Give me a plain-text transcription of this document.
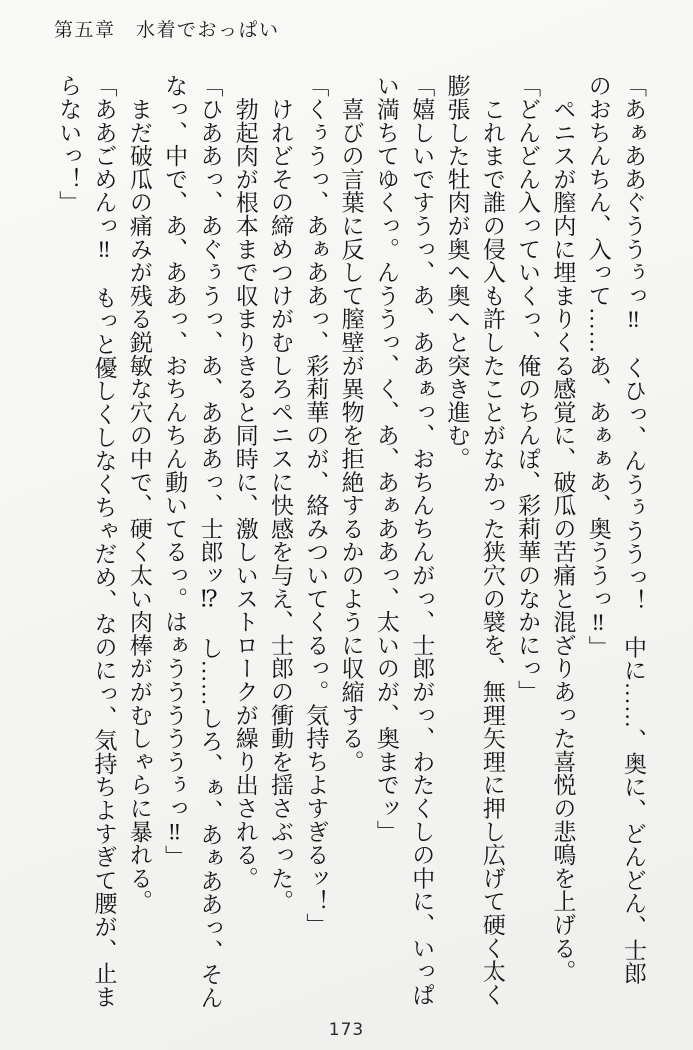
第五章　水着でおっぱい
「あぁああぐううぅっ‼　くひっ、んうぅううっ！　中に……、奥に、どんどん、士郎
のおちんちん、入って……あ、あぁぁあ、奥ううっ‼」
　ペニスが膣内に埋まりくる感覚に、破瓜の苦痛と混ざりあった喜悦の悲鳴を上げる。
「どんどん入っていくっ、俺のちんぽ、彩莉華のなかにっ」
　これまで誰の侵入も許したことがなかった狭穴の襞を、無理矢理に押し広げて硬く太く
膨張した牡肉が奥へ奥へと突き進む。
「嬉しいですうっ、あ、ああぁっ、おちんちんがっ、士郎がっ、わたくしの中に、いっぱ
い満ちてゆくっ。んううっ、く、あ、あぁああっ、太いのが、奥までッ」
　喜びの言葉に反して膣壁が異物を拒絶するかのように収縮する。
「くぅうっ、あぁああっ、彩莉華のが、絡みついてくるっ。気持ちよすぎるッ！」
　けれどその締めつけがむしろペニスに快感を与え、士郎の衝動を揺さぶった。
　勃起肉が根本まで収まりきると同時に、激しいストロークが繰り出される。
「ひああっ、あぐぅうっ、あ、あああっ、士郎ッ⁉　し……しろ、ぁ、あぁああっ、そん
なっ、中で、あ、ああっ、おちんちん動いてるっ。はぁうううううぅっ‼」
　まだ破瓜の痛みが残る鋭敏な穴の中で、硬く太い肉棒ががむしゃらに暴れる。
「ああごめんっ‼　もっと優しくしなくちゃだめ、なのにっ、気持ちよすぎて腰が、止ま
らないっ！」
173
